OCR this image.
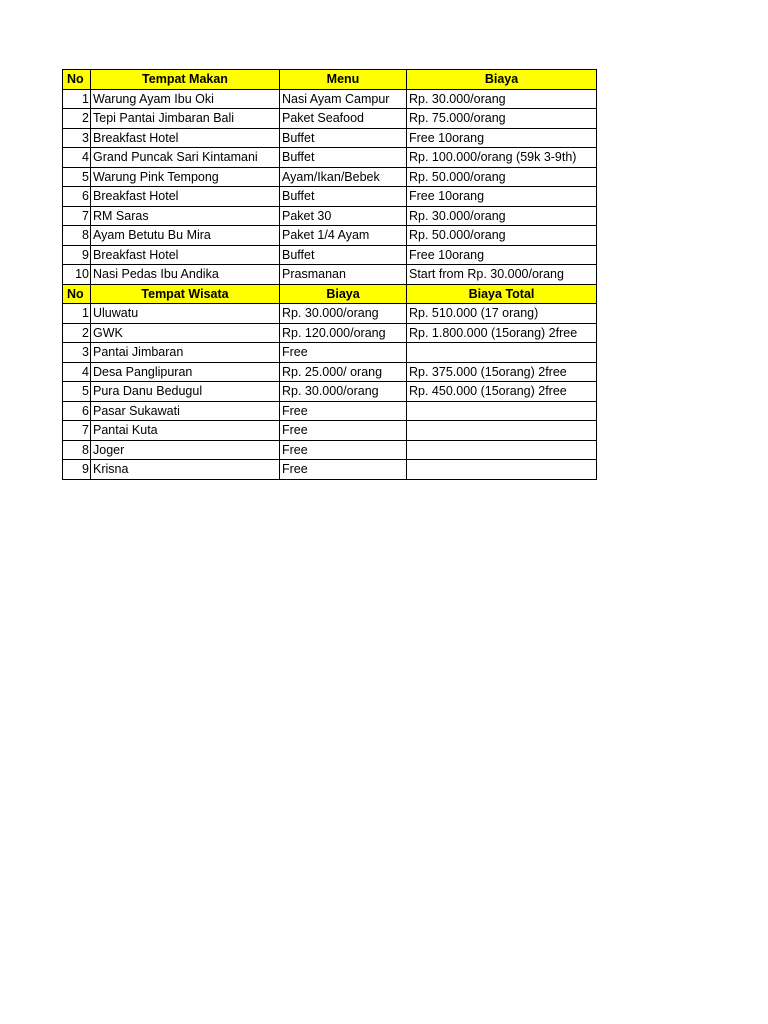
No	Tempat Makan	Menu	Biaya
1	Warung Ayam Ibu Oki	Nasi Ayam Campur	Rp. 30.000/orang
2	Tepi Pantai Jimbaran Bali	Paket Seafood	Rp. 75.000/orang
3	Breakfast Hotel	Buffet	Free 10orang
4	Grand Puncak Sari Kintamani	Buffet	Rp. 100.000/orang (59k 3-9th)
5	Warung Pink Tempong	Ayam/Ikan/Bebek	Rp. 50.000/orang
6	Breakfast Hotel	Buffet	Free 10orang
7	RM Saras	Paket 30	Rp. 30.000/orang
8	Ayam Betutu Bu Mira	Paket 1/4 Ayam	Rp. 50.000/orang
9	Breakfast Hotel	Buffet	Free 10orang
10	Nasi Pedas Ibu Andika	Prasmanan	Start from Rp. 30.000/orang
No	Tempat Wisata	Biaya	Biaya Total
1	Uluwatu	Rp. 30.000/orang	Rp. 510.000 (17 orang)
2	GWK	Rp. 120.000/orang	Rp. 1.800.000 (15orang) 2free
3	Pantai Jimbaran	Free	
4	Desa Panglipuran	Rp. 25.000/ orang	Rp. 375.000 (15orang) 2free
5	Pura Danu Bedugul	Rp. 30.000/orang	Rp. 450.000 (15orang) 2free
6	Pasar Sukawati	Free	
7	Pantai Kuta	Free	
8	Joger	Free	
9	Krisna	Free	
